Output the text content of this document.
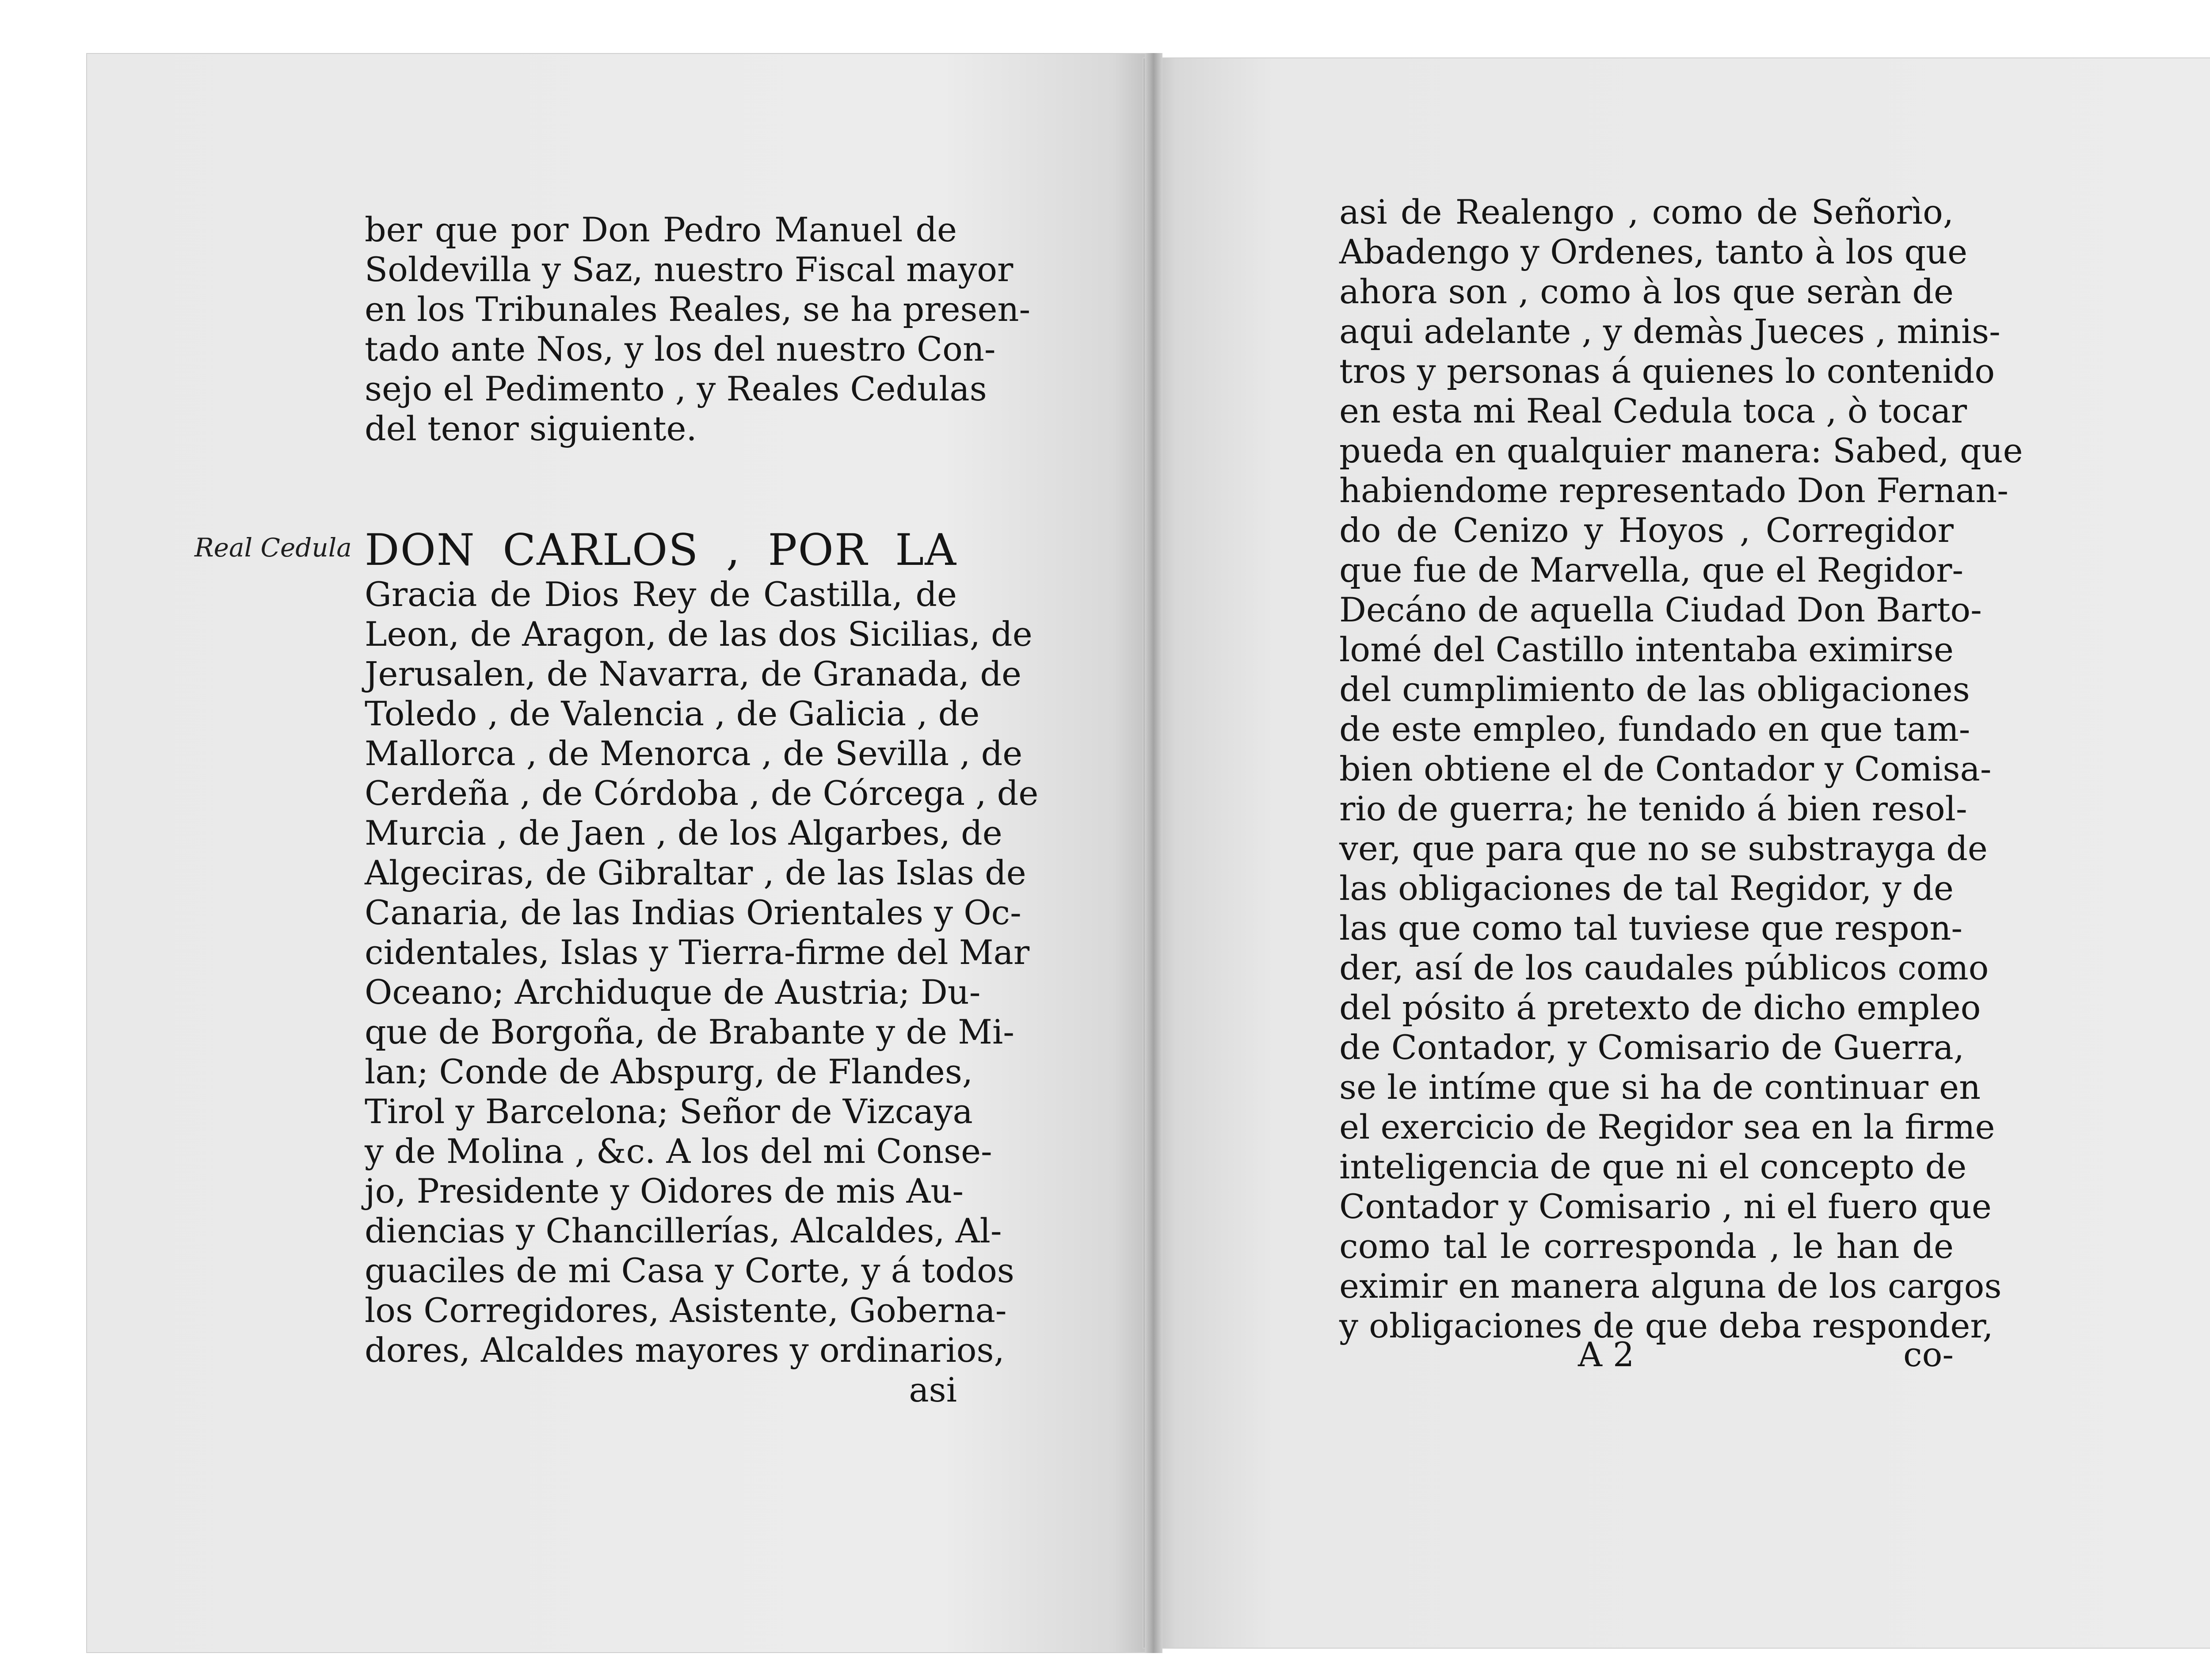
ber que por Don Pedro Manuel de
Soldevilla y Saz, nuestro Fiscal mayor
en los Tribunales Reales, se ha presen-
tado ante Nos, y los del nuestro Con-
sejo el Pedimento , y Reales Cedulas
del tenor siguiente.
Real Cedula DON CARLOS , POR LA
Gracia de Dios Rey de Castilla, de
Leon, de Aragon, de las dos Sicilias, de
Jerusalen, de Navarra, de Granada, de
Toledo , de Valencia , de Galicia , de
Mallorca , de Menorca , de Sevilla , de
Cerdeña , de Córdoba , de Córcega , de
Murcia , de Jaen , de los Algarbes, de
Algeciras, de Gibraltar , de las Islas de
Canaria, de las Indias Orientales y Oc-
cidentales, Islas y Tierra-firme del Mar
Oceano; Archiduque de Austria; Du-
que de Borgoña, de Brabante y de Mi-
lan; Conde de Abspurg, de Flandes,
Tirol y Barcelona; Señor de Vizcaya
y de Molina , &c. A los del mi Conse-
jo, Presidente y Oidores de mis Au-
diencias y Chancillerías, Alcaldes, Al-
guaciles de mi Casa y Corte, y á todos
los Corregidores, Asistente, Goberna-
dores, Alcaldes mayores y ordinarios,
asi
asi de Realengo , como de Señorìo,
Abadengo y Ordenes, tanto à los que
ahora son , como à los que seràn de
aqui adelante , y demàs Jueces , minis-
tros y personas á quienes lo contenido
en esta mi Real Cedula toca , ò tocar
pueda en qualquier manera: Sabed, que
habiendome representado Don Fernan-
do de Cenizo y Hoyos , Corregidor
que fue de Marvella, que el Regidor-
Decáno de aquella Ciudad Don Barto-
lomé del Castillo intentaba eximirse
del cumplimiento de las obligaciones
de este empleo, fundado en que tam-
bien obtiene el de Contador y Comisa-
rio de guerra; he tenido á bien resol-
ver, que para que no se substrayga de
las obligaciones de tal Regidor, y de
las que como tal tuviese que respon-
der, así de los caudales públicos como
del pósito á pretexto de dicho empleo
de Contador, y Comisario de Guerra,
se le intíme que si ha de continuar en
el exercicio de Regidor sea en la firme
inteligencia de que ni el concepto de
Contador y Comisario , ni el fuero que
como tal le corresponda , le han de
eximir en manera alguna de los cargos
y obligaciones de que deba responder,
A 2	co-
